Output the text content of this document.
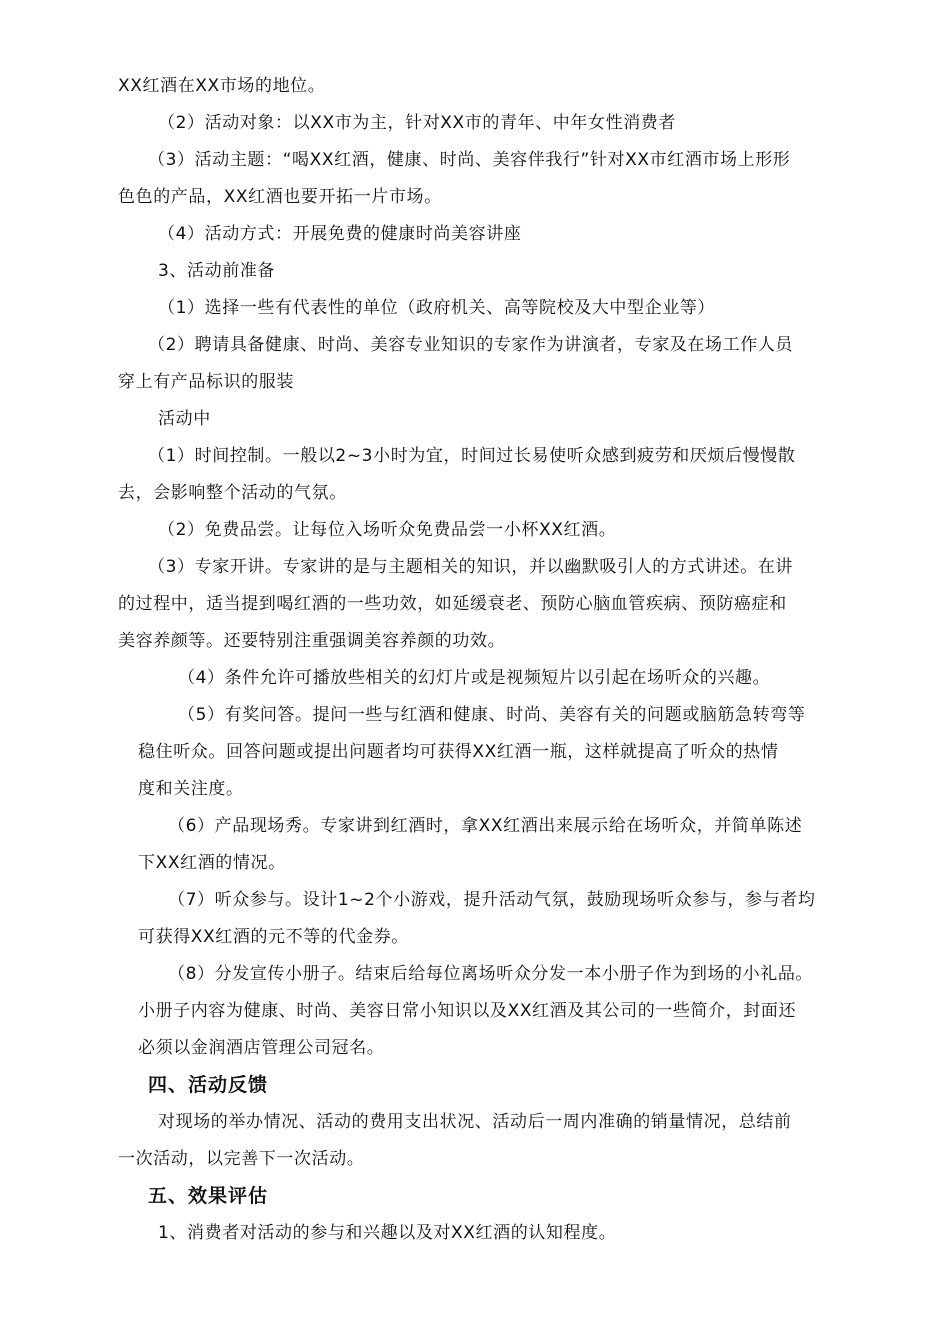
XX红酒在XX市场的地位。
（2）活动对象：以XX市为主，针对XX市的青年、中年女性消费者
（3）活动主题：“喝XX红酒，健康、时尚、美容伴我行”针对XX市红酒市场上形形
色色的产品，XX红酒也要开拓一片市场。
（4）活动方式：开展免费的健康时尚美容讲座
3、活动前准备
（1）选择一些有代表性的单位（政府机关、高等院校及大中型企业等）
（2）聘请具备健康、时尚、美容专业知识的专家作为讲演者，专家及在场工作人员
穿上有产品标识的服装
活动中
（1）时间控制。一般以2~3小时为宜，时间过长易使听众感到疲劳和厌烦后慢慢散
去，会影响整个活动的气氛。
（2）免费品尝。让每位入场听众免费品尝一小杯XX红酒。
（3）专家开讲。专家讲的是与主题相关的知识，并以幽默吸引人的方式讲述。在讲
的过程中，适当提到喝红酒的一些功效，如延缓衰老、预防心脑血管疾病、预防癌症和
美容养颜等。还要特别注重强调美容养颜的功效。
（4）条件允许可播放些相关的幻灯片或是视频短片以引起在场听众的兴趣。
（5）有奖问答。提问一些与红酒和健康、时尚、美容有关的问题或脑筋急转弯等
稳住听众。回答问题或提出问题者均可获得XX红酒一瓶，这样就提高了听众的热情
度和关注度。
（6）产品现场秀。专家讲到红酒时，拿XX红酒出来展示给在场听众，并简单陈述
下XX红酒的情况。
（7）听众参与。设计1~2个小游戏，提升活动气氛，鼓励现场听众参与，参与者均
可获得XX红酒的元不等的代金券。
（8）分发宣传小册子。结束后给每位离场听众分发一本小册子作为到场的小礼品。
小册子内容为健康、时尚、美容日常小知识以及XX红酒及其公司的一些简介，封面还
必须以金润酒店管理公司冠名。
四、活动反馈
对现场的举办情况、活动的费用支出状况、活动后一周内准确的销量情况，总结前
一次活动，以完善下一次活动。
五、效果评估
1、消费者对活动的参与和兴趣以及对XX红酒的认知程度。
